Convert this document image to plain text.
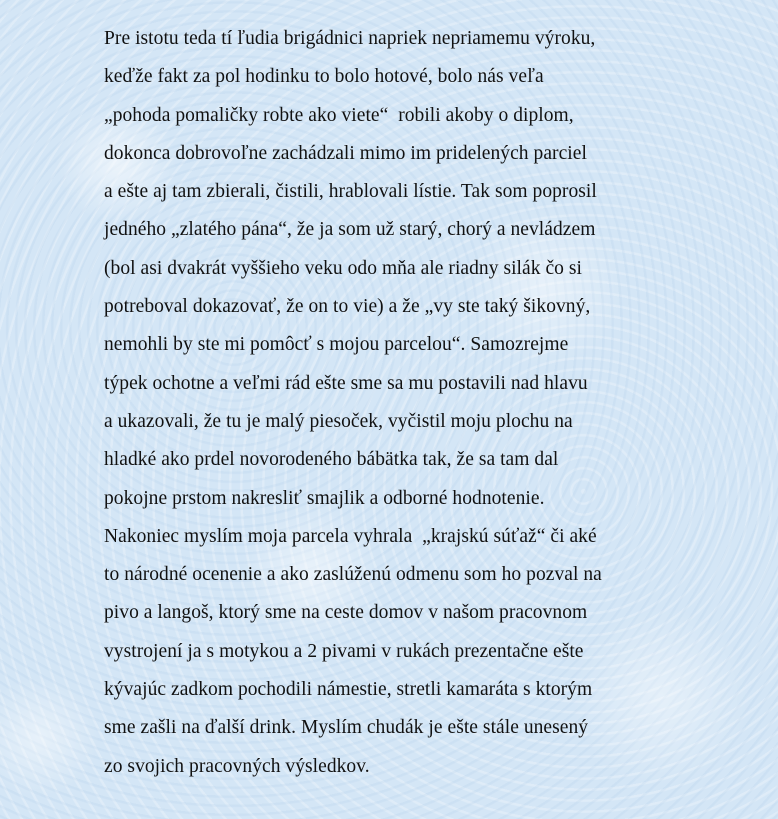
Pre istotu teda tí ľudia brigádnici napriek nepriamemu výroku,
keďže fakt za pol hodinku to bolo hotové, bolo nás veľa
„pohoda pomaličky robte ako viete“  robili akoby o diplom,
dokonca dobrovoľne zachádzali mimo im pridelených parciel
a ešte aj tam zbierali, čistili, hrablovali lístie. Tak som poprosil
jedného „zlatého pána“, že ja som už starý, chorý a nevládzem
(bol asi dvakrát vyššieho veku odo mňa ale riadny silák čo si
potreboval dokazovať, že on to vie) a že „vy ste taký šikovný,
nemohli by ste mi pomôcť s mojou parcelou“. Samozrejme
týpek ochotne a veľmi rád ešte sme sa mu postavili nad hlavu
a ukazovali, že tu je malý piesoček, vyčistil moju plochu na
hladké ako prdel novorodeného bábätka tak, že sa tam dal
pokojne prstom nakresliť smajlik a odborné hodnotenie.
Nakoniec myslím moja parcela vyhrala  „krajskú súťaž“ či aké
to národné ocenenie a ako zaslúženú odmenu som ho pozval na
pivo a langoš, ktorý sme na ceste domov v našom pracovnom
vystrojení ja s motykou a 2 pivami v rukách prezentačne ešte
kývajúc zadkom pochodili námestie, stretli kamaráta s ktorým
sme zašli na ďalší drink. Myslím chudák je ešte stále unesený
zo svojich pracovných výsledkov.
